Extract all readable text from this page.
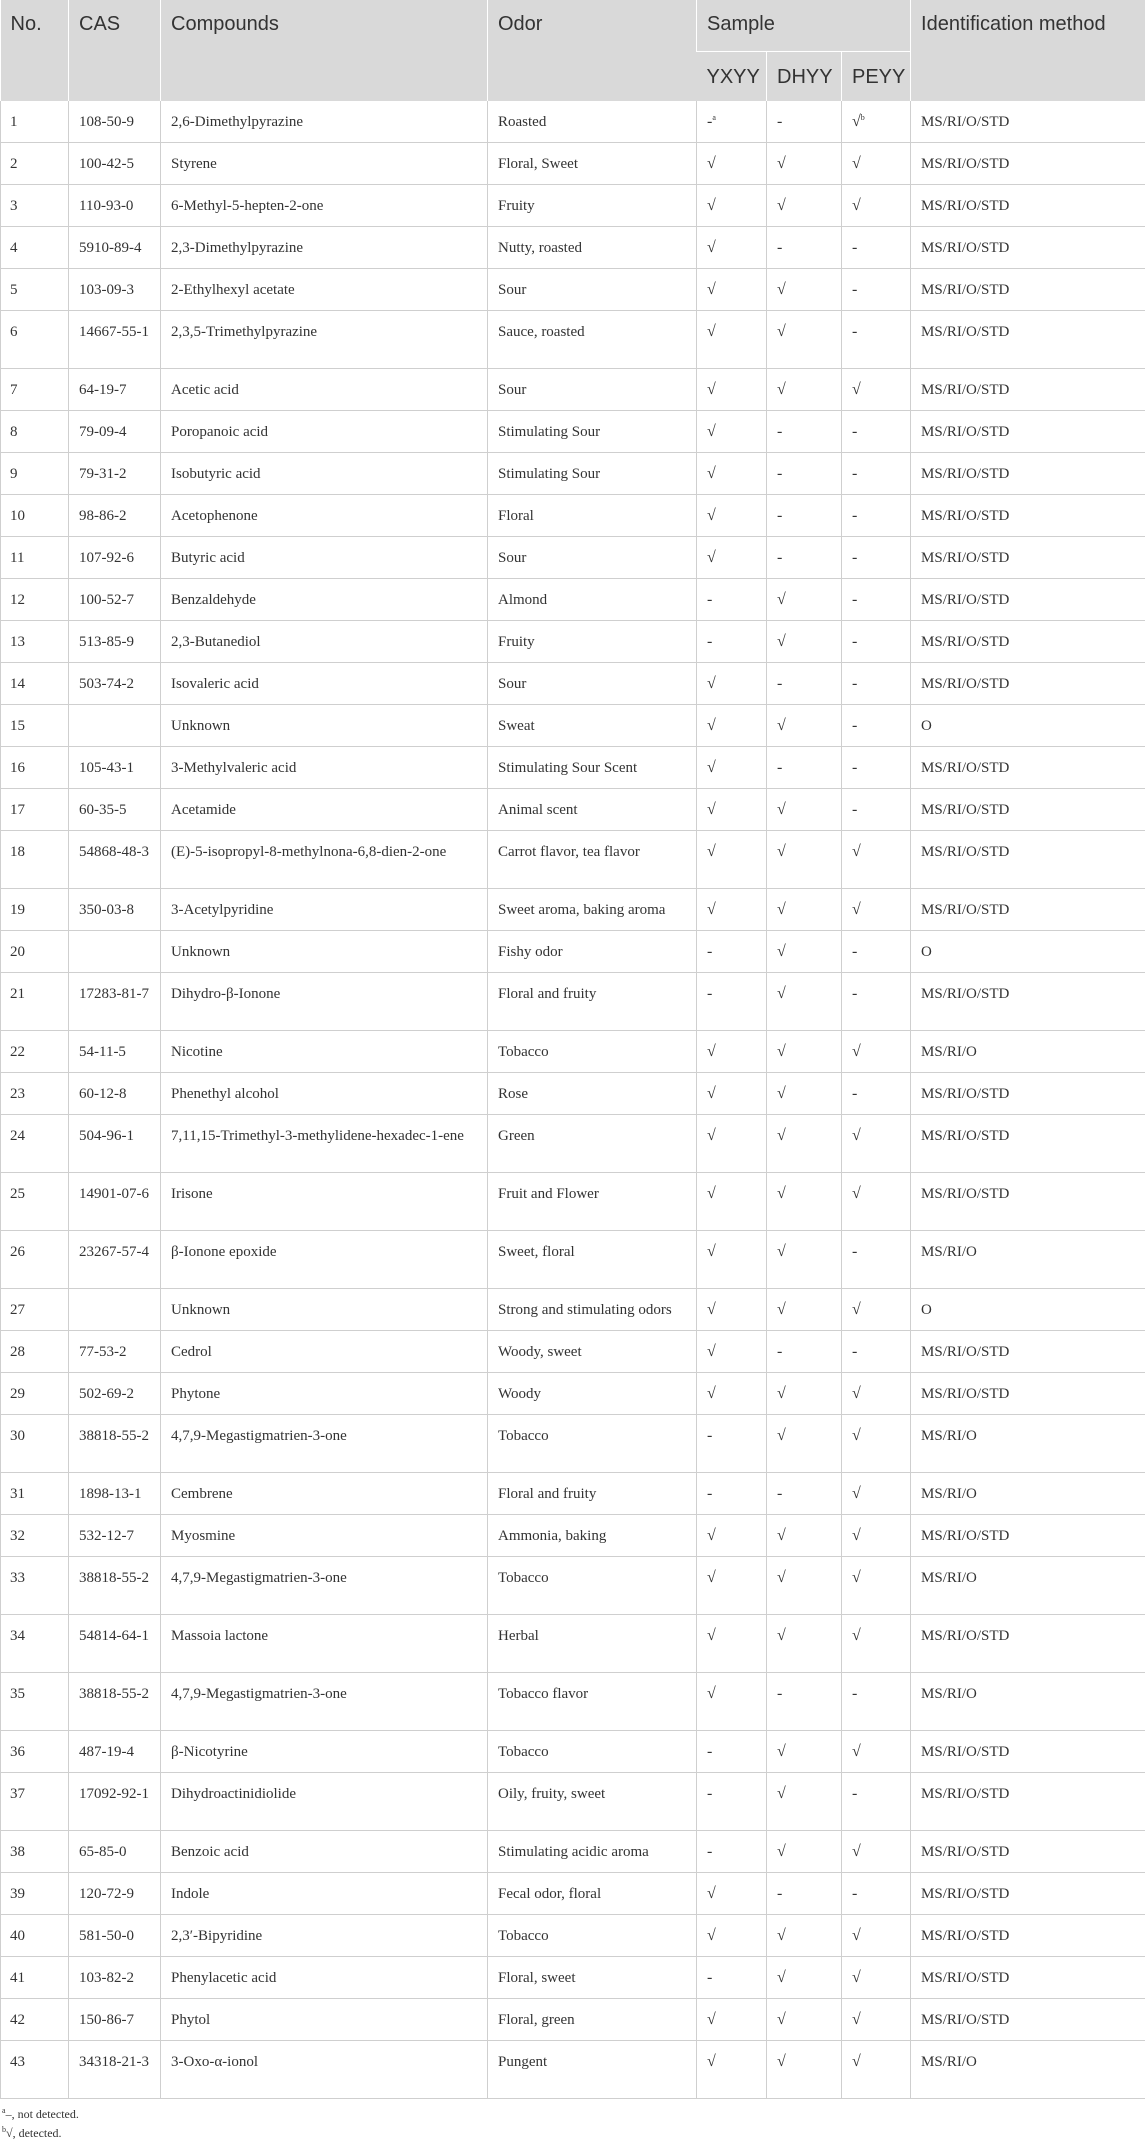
No.	CAS	Compounds	Odor	Sample			Identification method
				YXYY	DHYY	PEYY	
1	108-50-9	2,6-Dimethylpyrazine	Roasted	-$^a$	-	√$^b$	MS/RI/O/STD
2	100-42-5	Styrene	Floral, Sweet	√	√	√	MS/RI/O/STD
3	110-93-0	6-Methyl-5-hepten-2-one	Fruity	√	√	√	MS/RI/O/STD
4	5910-89-4	2,3-Dimethylpyrazine	Nutty, roasted	√	-	-	MS/RI/O/STD
5	103-09-3	2-Ethylhexyl acetate	Sour	√	√	-	MS/RI/O/STD
6	14667-55-1	2,3,5-Trimethylpyrazine	Sauce, roasted	√	√	-	MS/RI/O/STD
7	64-19-7	Acetic acid	Sour	√	√	√	MS/RI/O/STD
8	79-09-4	Poropanoic acid	Stimulating Sour	√	-	-	MS/RI/O/STD
9	79-31-2	Isobutyric acid	Stimulating Sour	√	-	-	MS/RI/O/STD
10	98-86-2	Acetophenone	Floral	√	-	-	MS/RI/O/STD
11	107-92-6	Butyric acid	Sour	√	-	-	MS/RI/O/STD
12	100-52-7	Benzaldehyde	Almond	-	√	-	MS/RI/O/STD
13	513-85-9	2,3-Butanediol	Fruity	-	√	-	MS/RI/O/STD
14	503-74-2	Isovaleric acid	Sour	√	-	-	MS/RI/O/STD
15		Unknown	Sweat	√	√	-	O
16	105-43-1	3-Methylvaleric acid	Stimulating Sour Scent	√	-	-	MS/RI/O/STD
17	60-35-5	Acetamide	Animal scent	√	√	-	MS/RI/O/STD
18	54868-48-3	(E)-5-isopropyl-8-methylnona-6,8-dien-2-one	Carrot flavor, tea flavor	√	√	√	MS/RI/O/STD
19	350-03-8	3-Acetylpyridine	Sweet aroma, baking aroma	√	√	√	MS/RI/O/STD
20		Unknown	Fishy odor	-	√	-	O
21	17283-81-7	Dihydro-β-Ionone	Floral and fruity	-	√	-	MS/RI/O/STD
22	54-11-5	Nicotine	Tobacco	√	√	√	MS/RI/O
23	60-12-8	Phenethyl alcohol	Rose	√	√	-	MS/RI/O/STD
24	504-96-1	7,11,15-Trimethyl-3-methylidene-hexadec-1-ene	Green	√	√	√	MS/RI/O/STD
25	14901-07-6	Irisone	Fruit and Flower	√	√	√	MS/RI/O/STD
26	23267-57-4	β-Ionone epoxide	Sweet, floral	√	√	-	MS/RI/O
27		Unknown	Strong and stimulating odors	√	√	√	O
28	77-53-2	Cedrol	Woody, sweet	√	-	-	MS/RI/O/STD
29	502-69-2	Phytone	Woody	√	√	√	MS/RI/O/STD
30	38818-55-2	4,7,9-Megastigmatrien-3-one	Tobacco	-	√	√	MS/RI/O
31	1898-13-1	Cembrene	Floral and fruity	-	-	√	MS/RI/O
32	532-12-7	Myosmine	Ammonia, baking	√	√	√	MS/RI/O/STD
33	38818-55-2	4,7,9-Megastigmatrien-3-one	Tobacco	√	√	√	MS/RI/O
34	54814-64-1	Massoia lactone	Herbal	√	√	√	MS/RI/O/STD
35	38818-55-2	4,7,9-Megastigmatrien-3-one	Tobacco flavor	√	-	-	MS/RI/O
36	487-19-4	β-Nicotyrine	Tobacco	-	√	√	MS/RI/O/STD
37	17092-92-1	Dihydroactinidiolide	Oily, fruity, sweet	-	√	-	MS/RI/O/STD
38	65-85-0	Benzoic acid	Stimulating acidic aroma	-	√	√	MS/RI/O/STD
39	120-72-9	Indole	Fecal odor, floral	√	-	-	MS/RI/O/STD
40	581-50-0	2,3′-Bipyridine	Tobacco	√	√	√	MS/RI/O/STD
41	103-82-2	Phenylacetic acid	Floral, sweet	-	√	√	MS/RI/O/STD
42	150-86-7	Phytol	Floral, green	√	√	√	MS/RI/O/STD
43	34318-21-3	3-Oxo-α-ionol	Pungent	√	√	√	MS/RI/O
$^a$–, not detected.
$^b$√, detected.
